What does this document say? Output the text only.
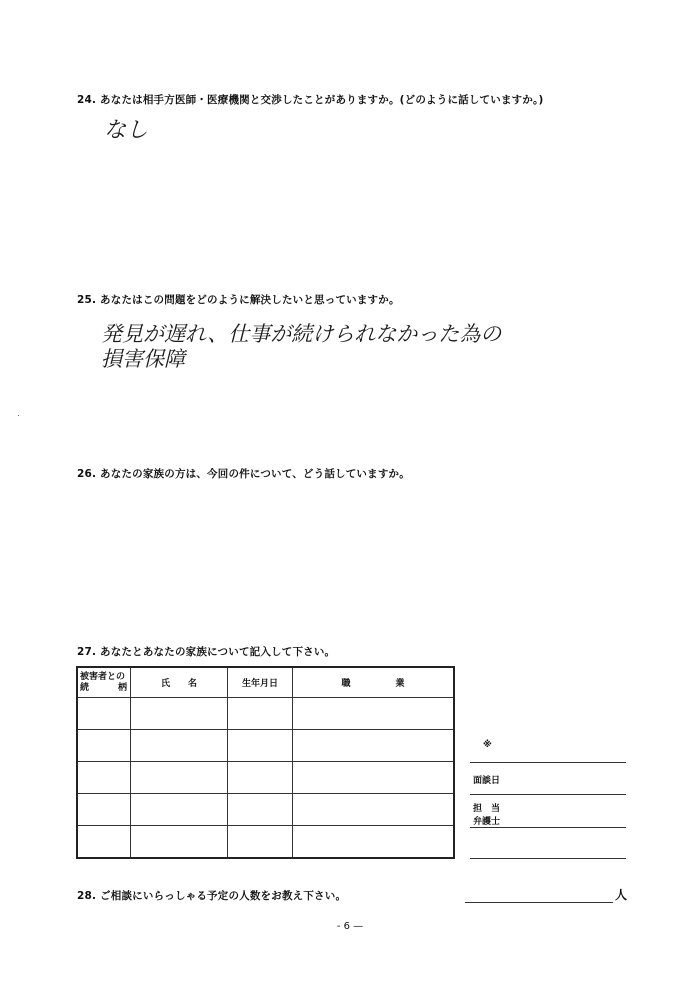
24. あなたは相手方医師・医療機関と交渉したことがありますか。(どのように話していますか。)
なし
25. あなたはこの問題をどのように解決したいと思っていますか。
発見が遅れ、仕事が続けられなかった為の
損害保障
26. あなたの家族の方は、今回の件について、どう話していますか。
27. あなたとあなたの家族について記入して下さい。
被害者との
続 柄	氏　　名	生年月日	職　　　　　業

※
面談日
担　当
弁護士
28. ご相談にいらっしゃる予定の人数をお教え下さい。	人
- 6 —
